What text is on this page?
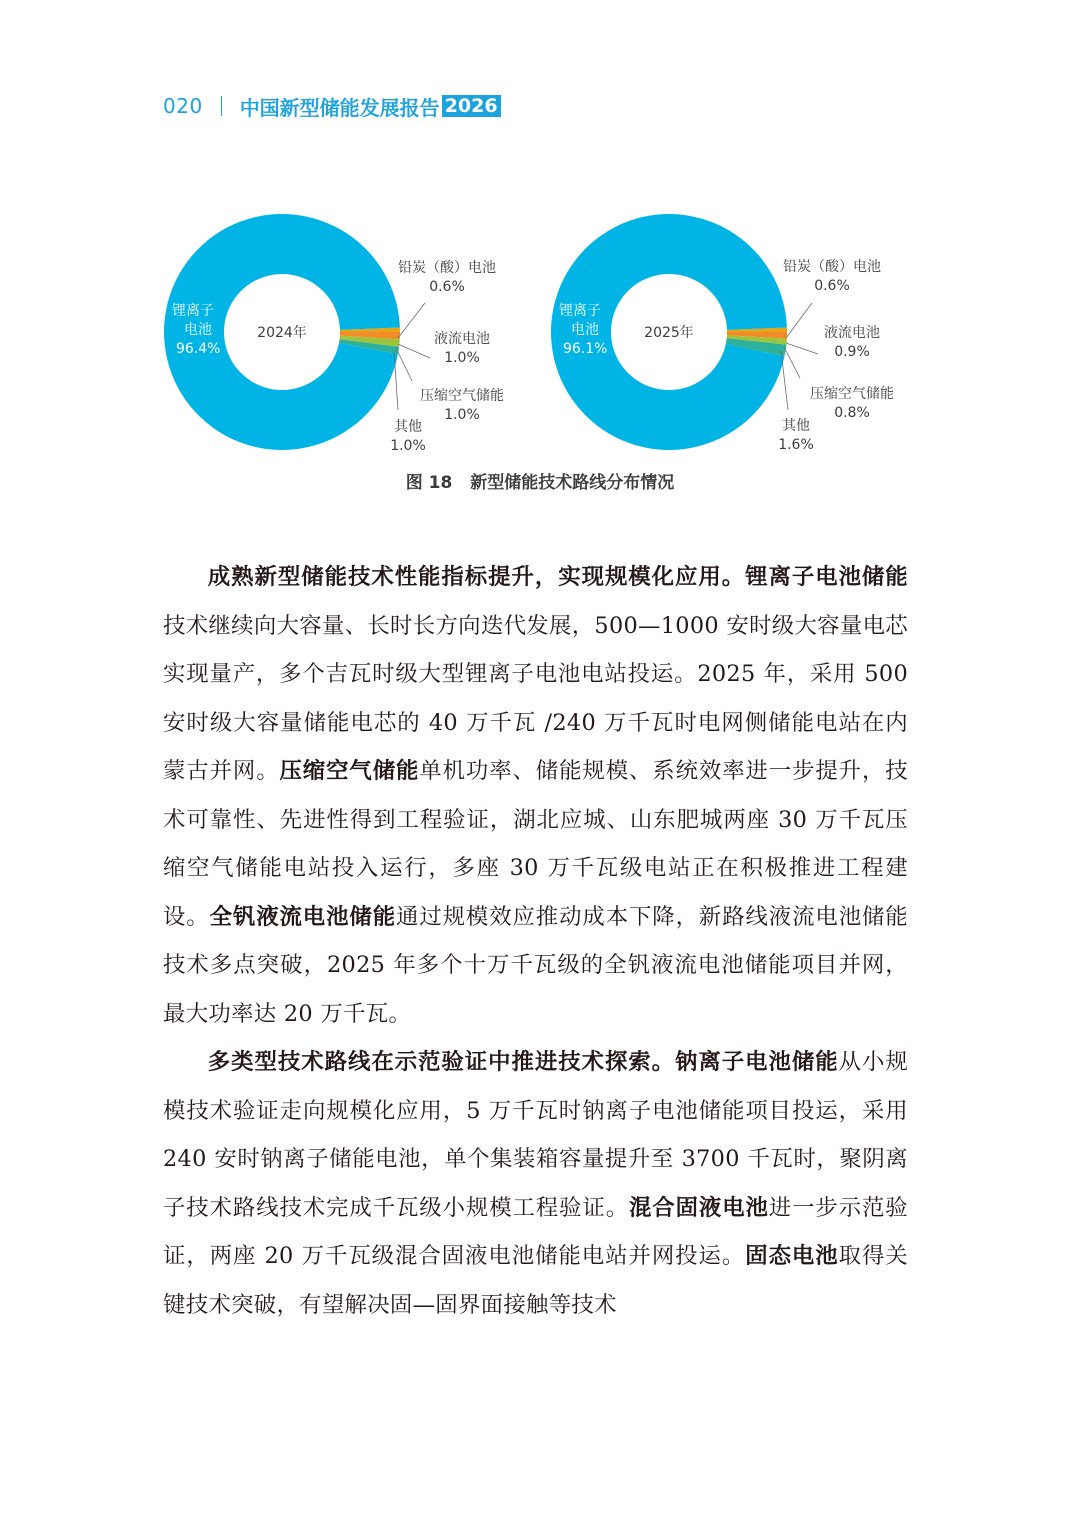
020 中国新型储能发展报告 2026
2024年
锂离子电池 96.4%
铅炭（酸）电池 0.6%
液流电池 1.0%
压缩空气储能 1.0%
其他 1.0%
2025年
锂离子电池 96.1%
铅炭（酸）电池 0.6%
液流电池 0.9%
压缩空气储能 0.8%
其他 1.6%
图 18 新型储能技术路线分布情况

成熟新型储能技术性能指标提升，实现规模化应用。锂离子电池储能技术继续向大容量、长时长方向迭代发展，500—1000 安时级大容量电芯实现量产，多个吉瓦时级大型锂离子电池电站投运。2025 年，采用 500 安时级大容量储能电芯的 40 万千瓦 /240 万千瓦时电网侧储能电站在内蒙古并网。压缩空气储能单机功率、储能规模、系统效率进一步提升，技术可靠性、先进性得到工程验证，湖北应城、山东肥城两座 30 万千瓦压缩空气储能电站投入运行，多座 30 万千瓦级电站正在积极推进工程建设。全钒液流电池储能通过规模效应推动成本下降，新路线液流电池储能技术多点突破，2025 年多个十万千瓦级的全钒液流电池储能项目并网，最大功率达 20 万千瓦。

多类型技术路线在示范验证中推进技术探索。钠离子电池储能从小规模技术验证走向规模化应用，5 万千瓦时钠离子电池储能项目投运，采用 240 安时钠离子储能电池，单个集装箱容量提升至 3700 千瓦时，聚阴离子技术路线技术完成千瓦级小规模工程验证。混合固液电池进一步示范验证，两座 20 万千瓦级混合固液电池储能电站并网投运。固态电池取得关键技术突破，有望解决固—固界面接触等技术
